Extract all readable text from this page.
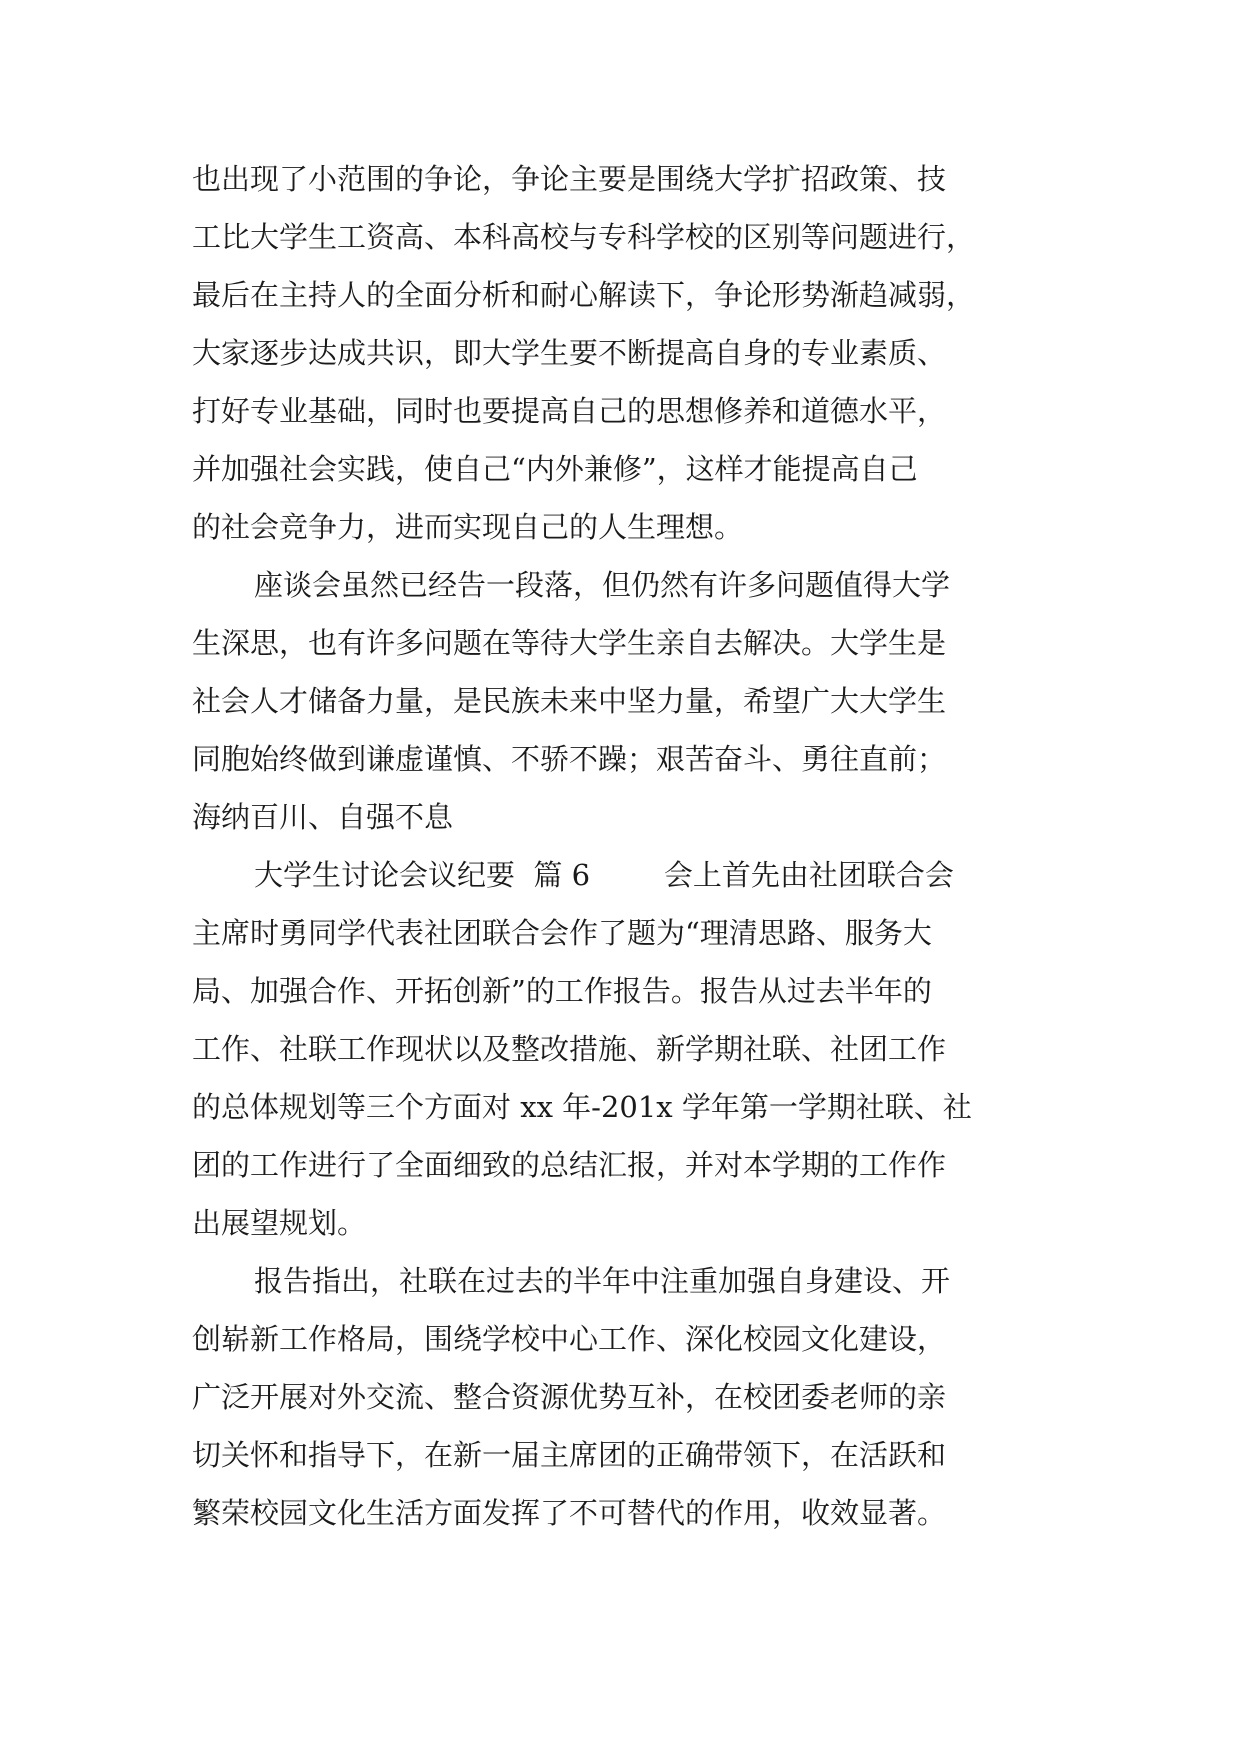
也出现了小范围的争论，争论主要是围绕大学扩招政策、技
工比大学生工资高、本科高校与专科学校的区别等问题进行，
最后在主持人的全面分析和耐心解读下，争论形势渐趋减弱，
大家逐步达成共识，即大学生要不断提高自身的专业素质、
打好专业基础，同时也要提高自己的思想修养和道德水平，
并加强社会实践，使自己“内外兼修”，这样才能提高自己
的社会竞争力，进而实现自己的人生理想。
座谈会虽然已经告一段落，但仍然有许多问题值得大学
生深思，也有许多问题在等待大学生亲自去解决。大学生是
社会人才储备力量，是民族未来中坚力量，希望广大大学生
同胞始终做到谦虚谨慎、不骄不躁；艰苦奋斗、勇往直前；
海纳百川、自强不息
大学生讨论会议纪要  篇 6        会上首先由社团联合会
主席时勇同学代表社团联合会作了题为“理清思路、服务大
局、加强合作、开拓创新”的工作报告。报告从过去半年的
工作、社联工作现状以及整改措施、新学期社联、社团工作
的总体规划等三个方面对 xx 年-201x 学年第一学期社联、社
团的工作进行了全面细致的总结汇报，并对本学期的工作作
出展望规划。
报告指出，社联在过去的半年中注重加强自身建设、开
创崭新工作格局，围绕学校中心工作、深化校园文化建设，
广泛开展对外交流、整合资源优势互补，在校团委老师的亲
切关怀和指导下，在新一届主席团的正确带领下，在活跃和
繁荣校园文化生活方面发挥了不可替代的作用，收效显著。
